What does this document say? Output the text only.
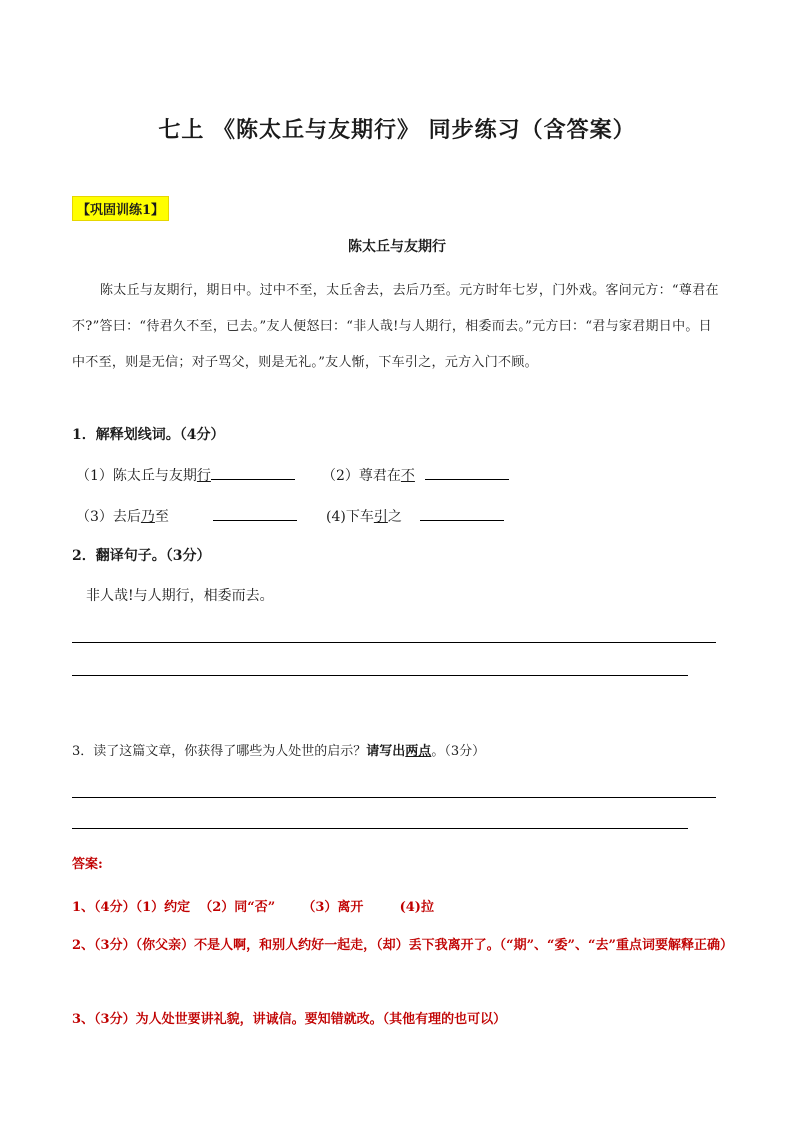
七上 《陈太丘与友期行》 同步练习（含答案）
【巩固训练1】
陈太丘与友期行
陈太丘与友期行，期日中。过中不至，太丘舍去，去后乃至。元方时年七岁，门外戏。客问元方：“尊君在不?”答曰：“待君久不至，已去。”友人便怒曰：“非人哉!与人期行，相委而去。”元方曰：“君与家君期日中。日中不至，则是无信；对子骂父，则是无礼。”友人惭，下车引之，元方入门不顾。
1．解释划线词。（4分）
（1）陈太丘与友期行	（2）尊君在不
（3）去后乃至	(4)下车引之
2．翻译句子。（3分）
非人哉!与人期行，相委而去。
3．读了这篇文章，你获得了哪些为人处世的启示？请写出两点。（3分）
答案:
1、（4分）（1）约定  （2）同“否”      （3）离开        (4)拉
2、（3分）（你父亲）不是人啊，和别人约好一起走，（却）丢下我离开了。（“期”、“委”、“去”重点词要解释正确）
3、（3分）为人处世要讲礼貌，讲诚信。要知错就改。（其他有理的也可以）
